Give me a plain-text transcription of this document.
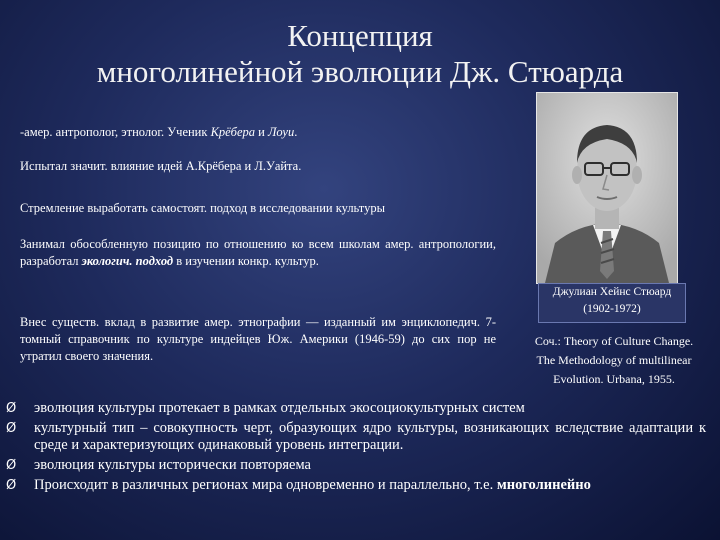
Концепция
многолинейной эволюции Дж. Стюарда
-амер. антрополог, этнолог. Ученик Крёбера и Лоуи.
Испытал значит. влияние идей А.Крёбера и Л.Уайта.
Стремление выработать самостоят. подход в исследовании культуры
Занимал обособленную позицию по отношению ко всем школам амер. антропологии, разработал экологич. подход в изучении конкр. культур.
Внес существ. вклад в развитие амер. этнографии — изданный им энциклопедич. 7-томный справочник по культуре индейцев Юж. Америки (1946-59) до сих пор не утратил своего значения.
Джулиан Хейнс Стюард
(1902-1972)
Соч.: Theory of Culture Change.
The Methodology of multilinear
Evolution. Urbana, 1955.
Ø эволюция культуры протекает в рамках отдельных экосоциокультурных систем
Ø культурный тип – совокупность черт, образующих ядро культуры, возникающих вследствие адаптации к среде и характеризующих одинаковый уровень интеграции.
Ø эволюция культуры исторически повторяема
Ø Происходит в различных регионах мира одновременно и параллельно, т.е. многолинейно
